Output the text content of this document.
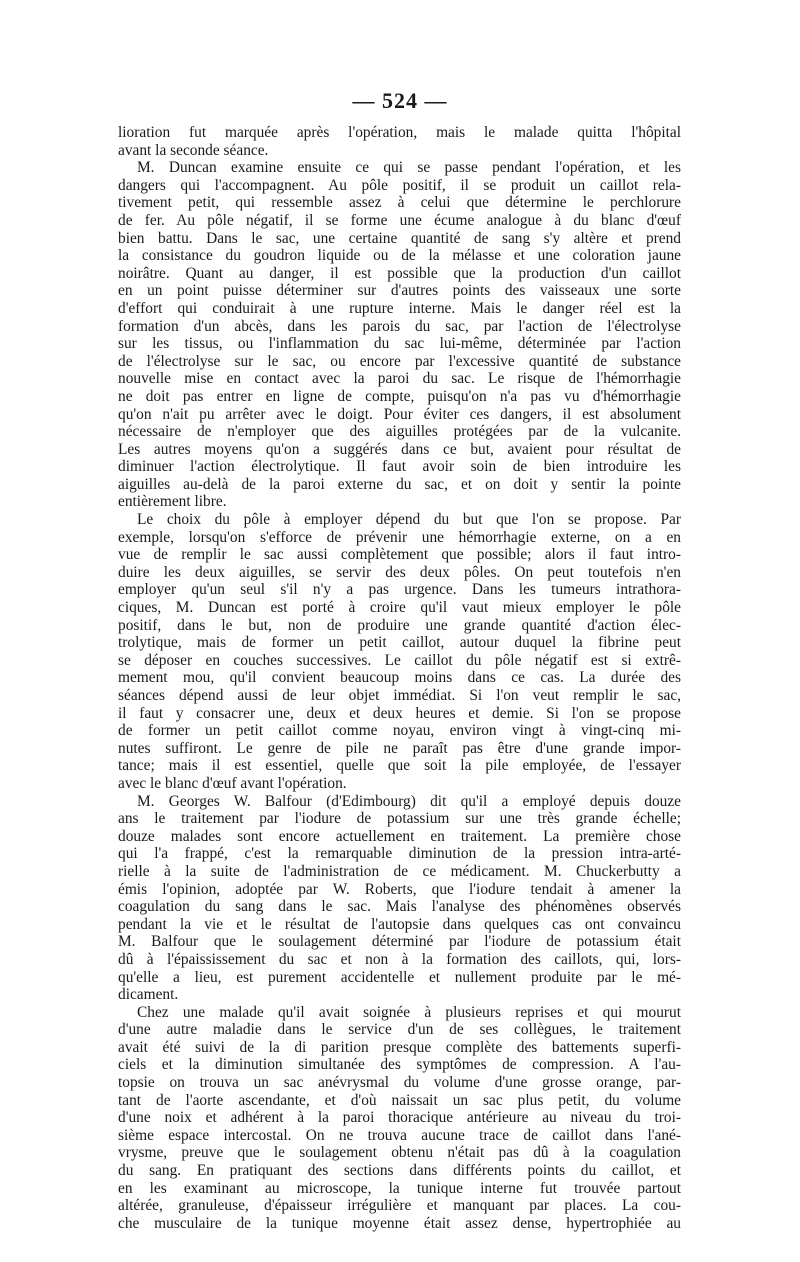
— 524 —

lioration fut marquée après l'opération, mais le malade quitta l'hôpital

avant la seconde séance.

M. Duncan examine ensuite ce qui se passe pendant l'opération, et les

dangers qui l'accompagnent. Au pôle positif, il se produit un caillot rela-

tivement petit, qui ressemble assez à celui que détermine le perchlorure

de fer. Au pôle négatif, il se forme une écume analogue à du blanc d'œuf

bien battu. Dans le sac, une certaine quantité de sang s'y altère et prend

la consistance du goudron liquide ou de la mélasse et une coloration jaune

noirâtre. Quant au danger, il est possible que la production d'un caillot

en un point puisse déterminer sur d'autres points des vaisseaux une sorte

d'effort qui conduirait à une rupture interne. Mais le danger réel est la

formation d'un abcès, dans les parois du sac, par l'action de l'électrolyse

sur les tissus, ou l'inflammation du sac lui-même, déterminée par l'action

de l'électrolyse sur le sac, ou encore par l'excessive quantité de substance

nouvelle mise en contact avec la paroi du sac. Le risque de l'hémorrhagie

ne doit pas entrer en ligne de compte, puisqu'on n'a pas vu d'hémorrhagie

qu'on n'ait pu arrêter avec le doigt. Pour éviter ces dangers, il est absolument

nécessaire de n'employer que des aiguilles protégées par de la vulcanite.

Les autres moyens qu'on a suggérés dans ce but, avaient pour résultat de

diminuer l'action électrolytique. Il faut avoir soin de bien introduire les

aiguilles au-delà de la paroi externe du sac, et on doit y sentir la pointe

entièrement libre.

Le choix du pôle à employer dépend du but que l'on se propose. Par

exemple, lorsqu'on s'efforce de prévenir une hémorrhagie externe, on a en

vue de remplir le sac aussi complètement que possible; alors il faut intro-

duire les deux aiguilles, se servir des deux pôles. On peut toutefois n'en

employer qu'un seul s'il n'y a pas urgence. Dans les tumeurs intrathora-

ciques, M. Duncan est porté à croire qu'il vaut mieux employer le pôle

positif, dans le but, non de produire une grande quantité d'action élec-

trolytique, mais de former un petit caillot, autour duquel la fibrine peut

se déposer en couches successives. Le caillot du pôle négatif est si extrê-

mement mou, qu'il convient beaucoup moins dans ce cas. La durée des

séances dépend aussi de leur objet immédiat. Si l'on veut remplir le sac,

il faut y consacrer une, deux et deux heures et demie. Si l'on se propose

de former un petit caillot comme noyau, environ vingt à vingt-cinq mi-

nutes suffiront. Le genre de pile ne paraît pas être d'une grande impor-

tance; mais il est essentiel, quelle que soit la pile employée, de l'essayer

avec le blanc d'œuf avant l'opération.

M. Georges W. Balfour (d'Edimbourg) dit qu'il a employé depuis douze

ans le traitement par l'iodure de potassium sur une très grande échelle;

douze malades sont encore actuellement en traitement. La première chose

qui l'a frappé, c'est la remarquable diminution de la pression intra-arté-

rielle à la suite de l'administration de ce médicament. M. Chuckerbutty a

émis l'opinion, adoptée par W. Roberts, que l'iodure tendait à amener la

coagulation du sang dans le sac. Mais l'analyse des phénomènes observés

pendant la vie et le résultat de l'autopsie dans quelques cas ont convaincu

M. Balfour que le soulagement déterminé par l'iodure de potassium était

dû à l'épaississement du sac et non à la formation des caillots, qui, lors-

qu'elle a lieu, est purement accidentelle et nullement produite par le mé-

dicament.

Chez une malade qu'il avait soignée à plusieurs reprises et qui mourut

d'une autre maladie dans le service d'un de ses collègues, le traitement

avait été suivi de la di parition presque complète des battements superfi-

ciels et la diminution simultanée des symptômes de compression. A l'au-

topsie on trouva un sac anévrysmal du volume d'une grosse orange, par-

tant de l'aorte ascendante, et d'où naissait un sac plus petit, du volume

d'une noix et adhérent à la paroi thoracique antérieure au niveau du troi-

sième espace intercostal. On ne trouva aucune trace de caillot dans l'ané-

vrysme, preuve que le soulagement obtenu n'était pas dû à la coagulation

du sang. En pratiquant des sections dans différents points du caillot, et

en les examinant au microscope, la tunique interne fut trouvée partout

altérée, granuleuse, d'épaisseur irrégulière et manquant par places. La cou-

che musculaire de la tunique moyenne était assez dense, hypertrophiée au
